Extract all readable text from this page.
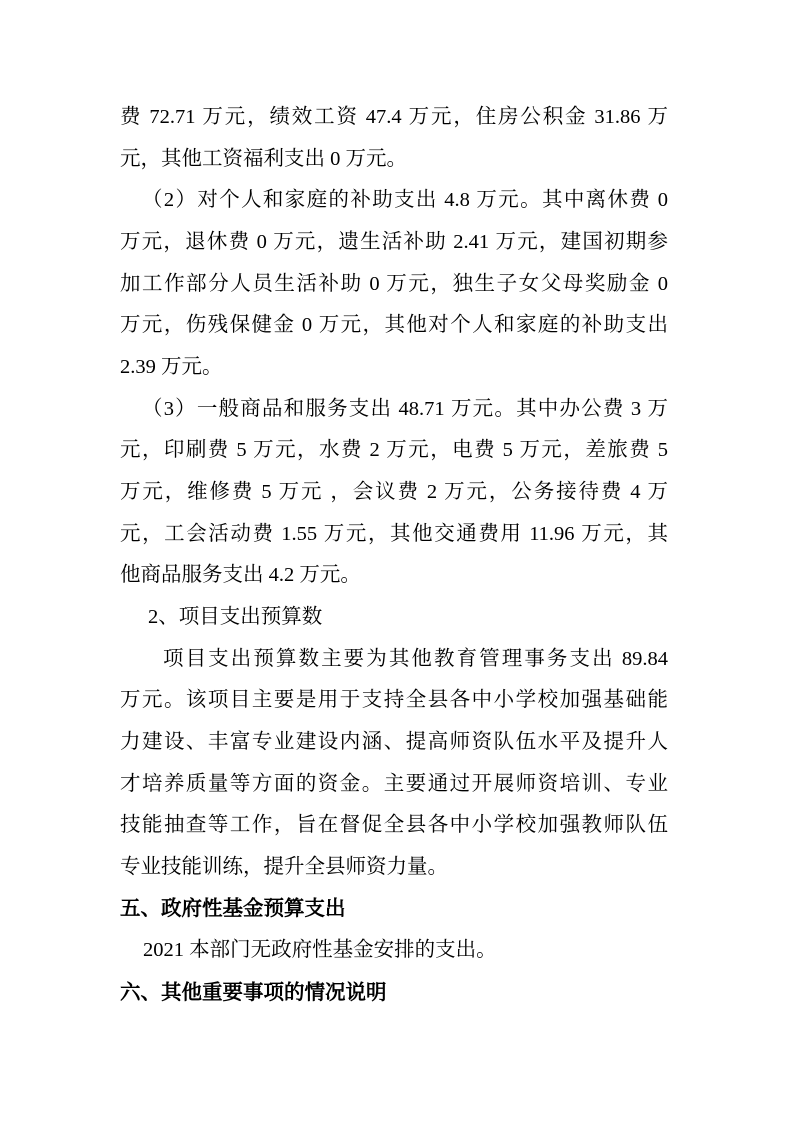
费 72.71 万元，绩效工资 47.4 万元，住房公积金 31.86 万
元，其他工资福利支出 0 万元。
（2）对个人和家庭的补助支出 4.8 万元。其中离休费 0
万元，退休费 0 万元，遗生活补助 2.41 万元，建国初期参
加工作部分人员生活补助 0 万元，独生子女父母奖励金 0
万元，伤残保健金 0 万元，其他对个人和家庭的补助支出
2.39 万元。
（3）一般商品和服务支出 48.71 万元。其中办公费 3 万
元，印刷费 5 万元，水费 2 万元，电费 5 万元，差旅费 5
万元，维修费 5 万元 ，会议费 2 万元，公务接待费 4 万
元，工会活动费 1.55 万元，其他交通费用 11.96 万元，其
他商品服务支出 4.2 万元。
2、项目支出预算数
项目支出预算数主要为其他教育管理事务支出 89.84
万元。该项目主要是用于支持全县各中小学校加强基础能
力建设、丰富专业建设内涵、提高师资队伍水平及提升人
才培养质量等方面的资金。主要通过开展师资培训、专业
技能抽查等工作，旨在督促全县各中小学校加强教师队伍
专业技能训练，提升全县师资力量。
五、政府性基金预算支出
2021 本部门无政府性基金安排的支出。
六、其他重要事项的情况说明
